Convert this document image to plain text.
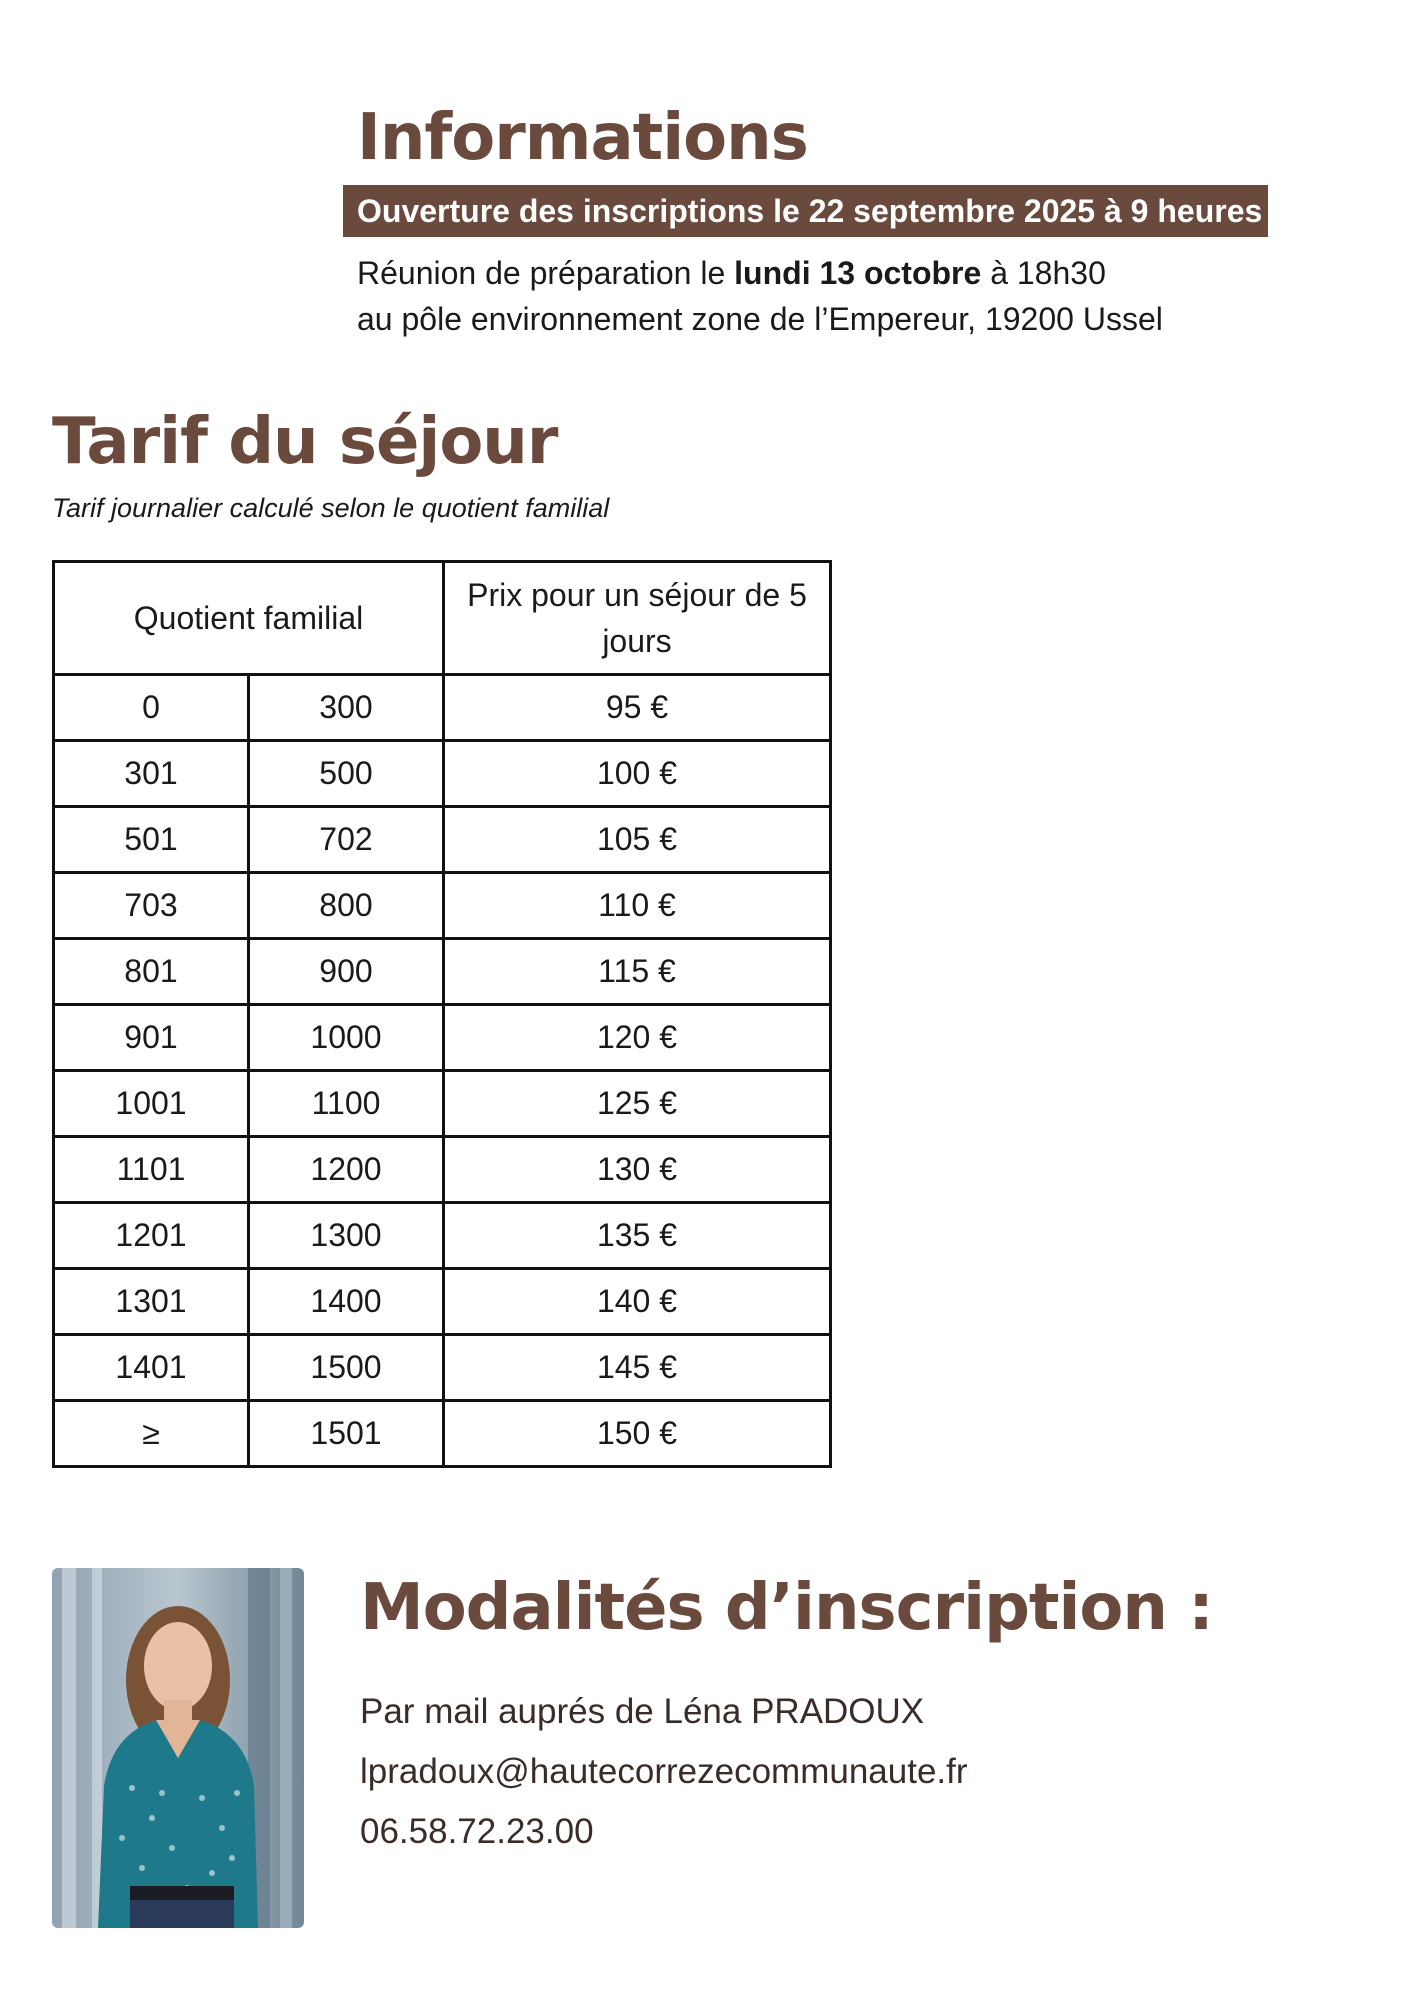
Informations
Ouverture des inscriptions le 22 septembre 2025 à 9 heures
Réunion de préparation le lundi 13 octobre à 18h30
au pôle environnement zone de l’Empereur, 19200 Ussel
Tarif du séjour
Tarif journalier calculé selon le quotient familial
Quotient familial		Prix pour un séjour de 5 jours

0	300	95 €
301	500	100 €
501	702	105 €
703	800	110 €
801	900	115 €
901	1000	120 €
1001	1100	125 €
1101	1200	130 €
1201	1300	135 €
1301	1400	140 €
1401	1500	145 €
≥	1501	150 €
Modalités d’inscription :
Par mail auprés de Léna PRADOUX
lpradoux@hautecorrezecommunaute.fr
06.58.72.23.00
